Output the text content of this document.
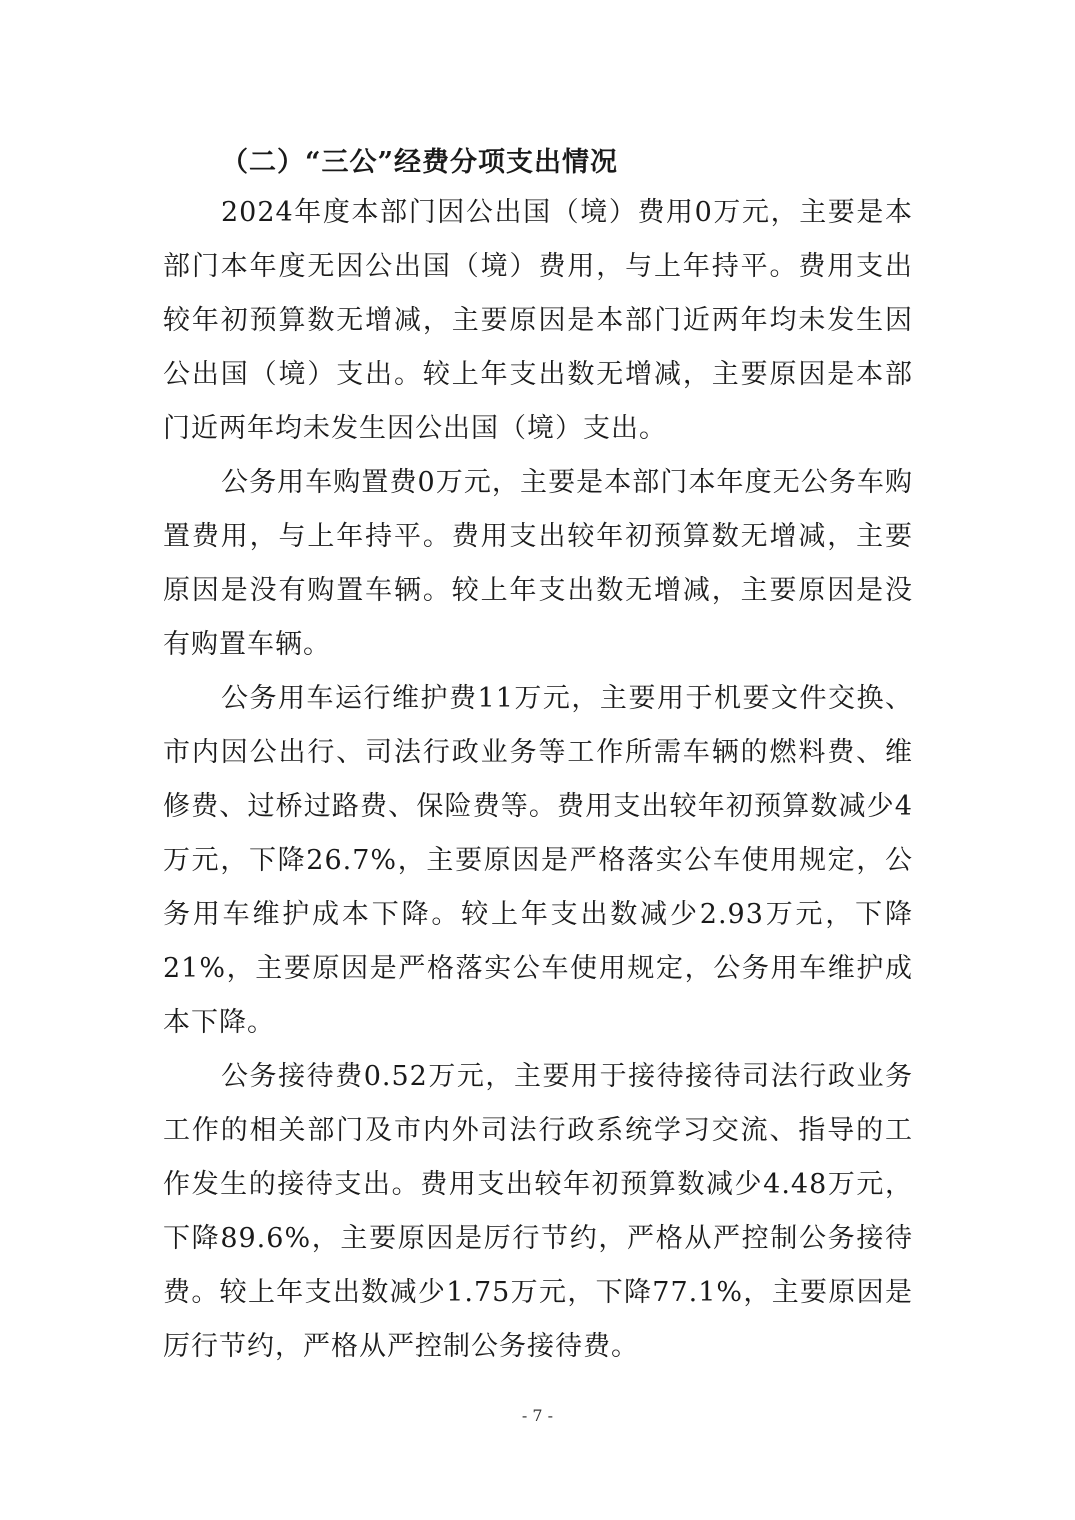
（二）“三公”经费分项支出情况

2024年度本部门因公出国（境）费用0万元，主要是本部门本年度无因公出国（境）费用，与上年持平。费用支出较年初预算数无增减，主要原因是本部门近两年均未发生因公出国（境）支出。较上年支出数无增减，主要原因是本部门近两年均未发生因公出国（境）支出。

公务用车购置费0万元，主要是本部门本年度无公务车购置费用，与上年持平。费用支出较年初预算数无增减，主要原因是没有购置车辆。较上年支出数无增减，主要原因是没有购置车辆。

公务用车运行维护费11万元，主要用于机要文件交换、市内因公出行、司法行政业务等工作所需车辆的燃料费、维修费、过桥过路费、保险费等。费用支出较年初预算数减少4万元，下降26.7%，主要原因是严格落实公车使用规定，公务用车维护成本下降。较上年支出数减少2.93万元，下降21%，主要原因是严格落实公车使用规定，公务用车维护成本下降。

公务接待费0.52万元，主要用于接待接待司法行政业务工作的相关部门及市内外司法行政系统学习交流、指导的工作发生的接待支出。费用支出较年初预算数减少4.48万元，下降89.6%，主要原因是厉行节约，严格从严控制公务接待费。较上年支出数减少1.75万元，下降77.1%，主要原因是厉行节约，严格从严控制公务接待费。

- 7 -
